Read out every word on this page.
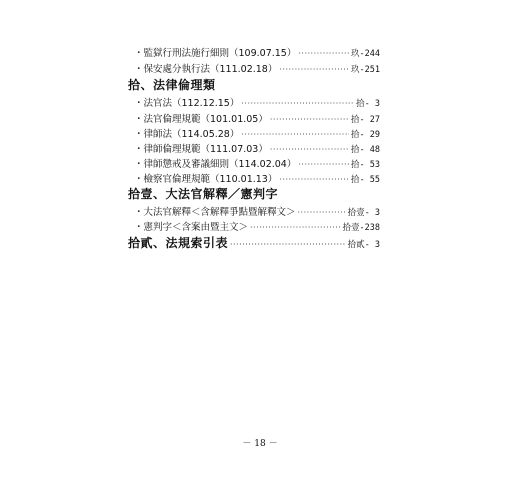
・監獄行刑法施行細則（109.07.15） ·····	玖-244
・保安處分執行法（111.02.18） ·····	玖-251
拾、法律倫理類
・法官法（112.12.15） ·····	拾- 3
・法官倫理規範（101.01.05） ·····	拾- 27
・律師法（114.05.28） ·····	拾- 29
・律師倫理規範（111.07.03） ·····	拾- 48
・律師懲戒及審議細則（114.02.04） ·····	拾- 53
・檢察官倫理規範（110.01.13） ·····	拾- 55
拾壹、大法官解釋／憲判字
・大法官解釋＜含解釋爭點暨解釋文＞ ·····	拾壹- 3
・憲判字＜含案由暨主文＞ ·····	拾壹-238
拾貳、法規索引表 ·····	拾貳- 3
－ 18 －
